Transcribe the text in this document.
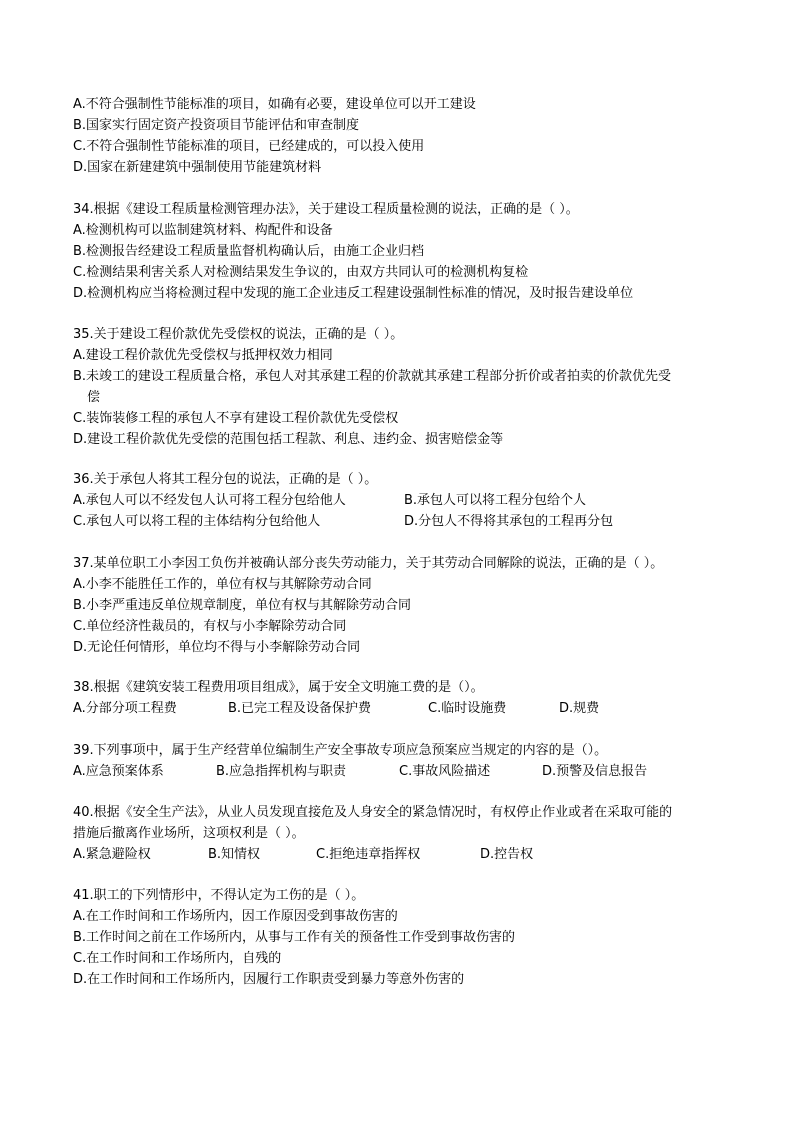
A.不符合强制性节能标准的项目，如确有必要，建设单位可以开工建设
B.国家实行固定资产投资项目节能评估和审查制度
C.不符合强制性节能标准的项目，已经建成的，可以投入使用
D.国家在新建建筑中强制使用节能建筑材料
34.根据《建设工程质量检测管理办法》，关于建设工程质量检测的说法，正确的是（ ）。
A.检测机构可以监制建筑材料、构配件和设备
B.检测报告经建设工程质量监督机构确认后，由施工企业归档
C.检测结果利害关系人对检测结果发生争议的，由双方共同认可的检测机构复检
D.检测机构应当将检测过程中发现的施工企业违反工程建设强制性标准的情况，及时报告建设单位
35.关于建设工程价款优先受偿权的说法，正确的是（ ）。
A.建设工程价款优先受偿权与抵押权效力相同
B.未竣工的建设工程质量合格，承包人对其承建工程的价款就其承建工程部分折价或者拍卖的价款优先受
偿
C.装饰装修工程的承包人不享有建设工程价款优先受偿权
D.建设工程价款优先受偿的范围包括工程款、利息、违约金、损害赔偿金等
36.关于承包人将其工程分包的说法，正确的是（ ）。
A.承包人可以不经发包人认可将工程分包给他人	B.承包人可以将工程分包给个人
C.承包人可以将工程的主体结构分包给他人	D.分包人不得将其承包的工程再分包
37.某单位职工小李因工负伤并被确认部分丧失劳动能力，关于其劳动合同解除的说法，正确的是（ ）。
A.小李不能胜任工作的，单位有权与其解除劳动合同
B.小李严重违反单位规章制度，单位有权与其解除劳动合同
C.单位经济性裁员的，有权与小李解除劳动合同
D.无论任何情形，单位均不得与小李解除劳动合同
38.根据《建筑安装工程费用项目组成》，属于安全文明施工费的是（）。
A.分部分项工程费	B.已完工程及设备保护费	C.临时设施费	D.规费
39.下列事项中，属于生产经营单位编制生产安全事故专项应急预案应当规定的内容的是（）。
A.应急预案体系	B.应急指挥机构与职责	C.事故风险描述	D.预警及信息报告
40.根据《安全生产法》，从业人员发现直接危及人身安全的紧急情况时，有权停止作业或者在采取可能的
措施后撤离作业场所，这项权利是（ ）。
A.紧急避险权	B.知情权	C.拒绝违章指挥权	D.控告权
41.职工的下列情形中，不得认定为工伤的是（ ）。
A.在工作时间和工作场所内，因工作原因受到事故伤害的
B.工作时间之前在工作场所内，从事与工作有关的预备性工作受到事故伤害的
C.在工作时间和工作场所内，自残的
D.在工作时间和工作场所内，因履行工作职责受到暴力等意外伤害的
